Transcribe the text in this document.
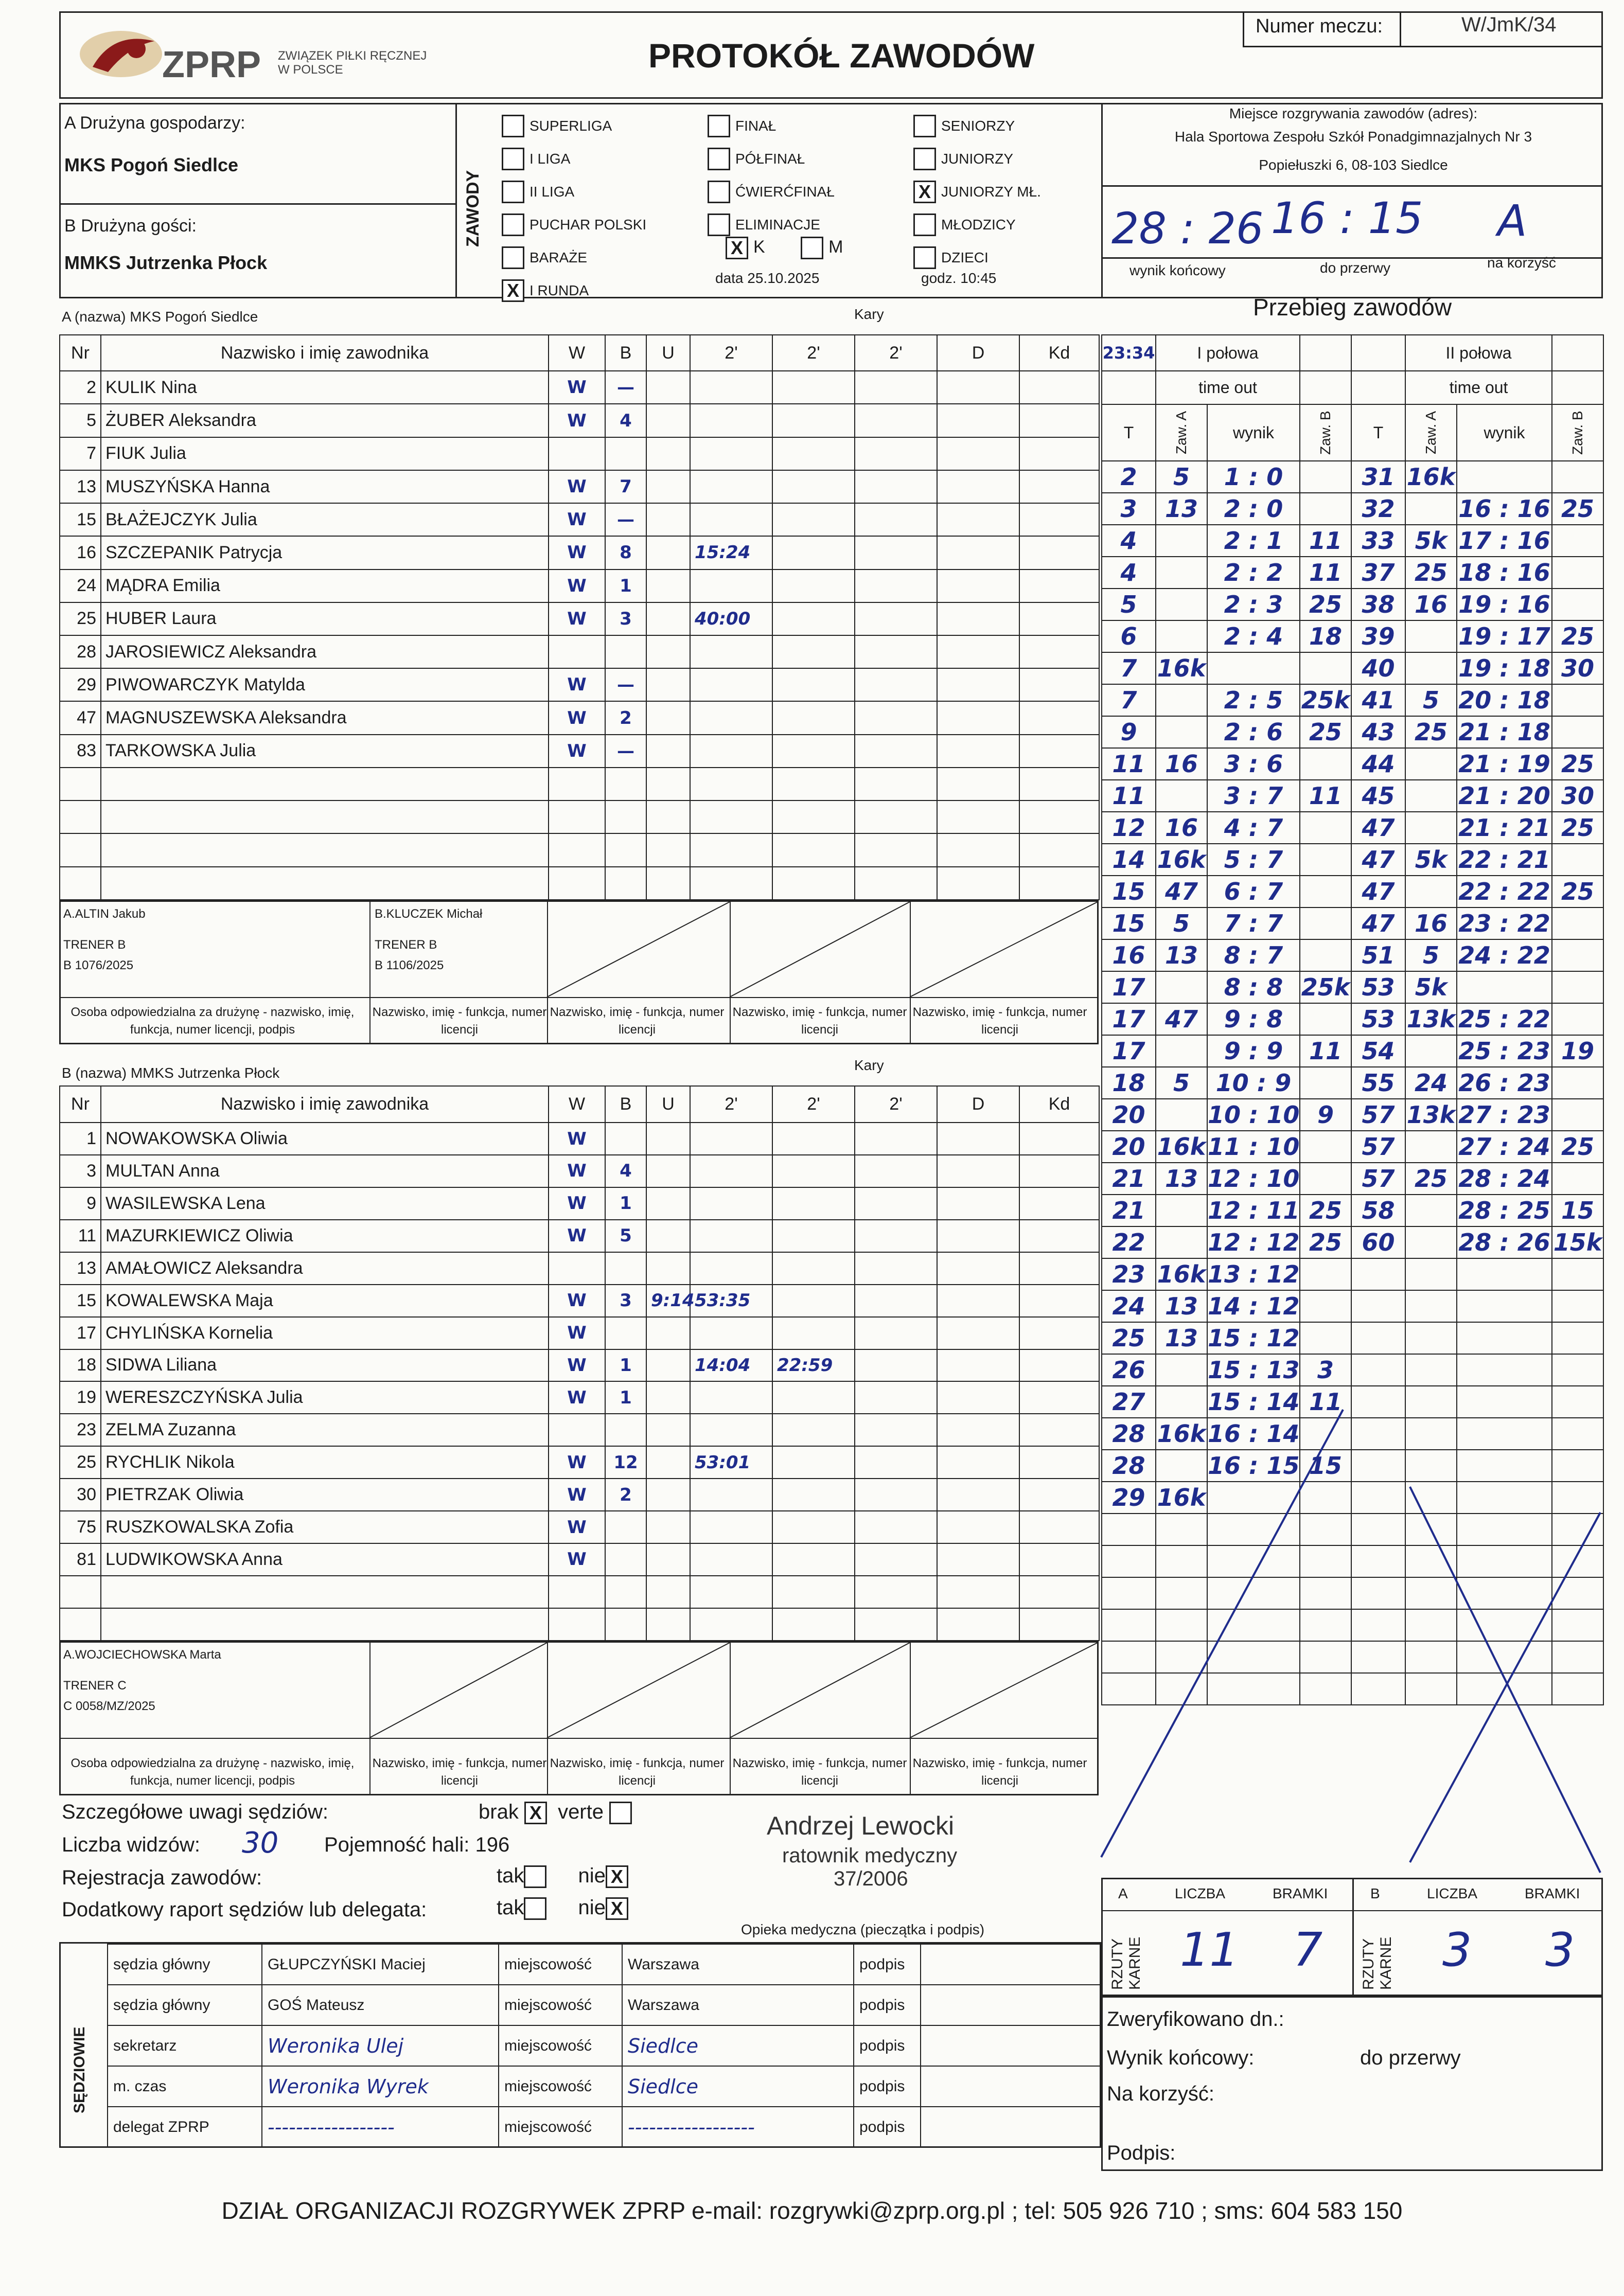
ZPRP ZWIĄZEK PIŁKI RĘCZNEJ
W POLSCE	PROTOKÓŁ ZAWODÓW
Numer meczu:	W/JmK/34
A Drużyna gospodarzy:
MKS Pogoń Siedlce
B Drużyna gości:
MMKS Jutrzenka Płock
ZAWODY
SUPERLIGA
I LIGA
II LIGA
PUCHAR POLSKI
BARAŻE
X I RUNDA
FINAŁ
PÓŁFINAŁ
ĆWIERĆFINAŁ
ELIMINACJE
SENIORZY
JUNIORZY
X JUNIORZY MŁ.
MŁODZICY
DZIECI
X K	M
data 25.10.2025	godz. 10:45
Miejsce rozgrywania zawodów (adres):
Hala Sportowa Zespołu Szkół Ponadgimnazjalnych Nr 3
Popiełuszki 6, 08-103 Siedlce
28 : 26 16 : 15 A
wynik końcowy	do przerwy	na korzyść
Przebieg zawodów
A (nazwa) MKS Pogoń Siedlce	Kary
Nr	Nazwisko i imię zawodnika	W	B	U	2'	2'	2'	D	Kd
2	KULIK Nina	W	—						
5	ŻUBER Aleksandra	W	4						
7	FIUK Julia								
13	MUSZYŃSKA Hanna	W	7						
15	BŁAŻEJCZYK Julia	W	—						
16	SZCZEPANIK Patrycja	W	8		15:24				
24	MĄDRA Emilia	W	1						
25	HUBER Laura	W	3		40:00				
28	JAROSIEWICZ Aleksandra								
29	PIWOWARCZYK Matylda	W	—						
47	MAGNUSZEWSKA Aleksandra	W	2						
83	TARKOWSKA Julia	W	—						

Osoba odpowiedzialna za drużynę - nazwisko, imię, funkcja, numer licencji, podpis
A.ALTIN Jakub
TRENER B
B 1076/2025
B.KLUCZEK Michał
TRENER B
B 1106/2025
Nazwisko, imię - funkcja, numer licencji
Nazwisko, imię - funkcja, numer licencji
Nazwisko, imię - funkcja, numer licencji
Nazwisko, imię - funkcja, numer licencji
B (nazwa) MMKS Jutrzenka Płock	Kary
Nr	Nazwisko i imię zawodnika	W	B	U	2'	2'	2'	D	Kd
1	NOWAKOWSKA Oliwia	W							
3	MULTAN Anna	W	4						
9	WASILEWSKA Lena	W	1						
11	MAZURKIEWICZ Oliwia	W	5						
13	AMAŁOWICZ Aleksandra								
15	KOWALEWSKA Maja	W	3	9:14	53:35				
17	CHYLIŃSKA Kornelia	W							
18	SIDWA Liliana	W	1		14:04	22:59			
19	WERESZCZYŃSKA Julia	W	1						
23	ZELMA Zuzanna								
25	RYCHLIK Nikola	W	12		53:01				
30	PIETRZAK Oliwia	W	2						
75	RUSZKOWALSKA Zofia	W							
81	LUDWIKOWSKA Anna	W							

Osoba odpowiedzialna za drużynę - nazwisko, imię, funkcja, numer licencji, podpis
A.WOJCIECHOWSKA Marta
TRENER C
C 0058/MZ/2025
Nazwisko, imię - funkcja, numer licencji
Nazwisko, imię - funkcja, numer licencji
Nazwisko, imię - funkcja, numer licencji
Nazwisko, imię - funkcja, numer licencji
23:34	I połowa				II połowa		
	time out				time out		
T	Zaw. A	wynik	Zaw. B	T	Zaw. A	wynik	Zaw. B
2	5	1 : 0		31	16k		
3	13	2 : 0		32		16 : 16	25
4		2 : 1	11	33	5k	17 : 16	
4		2 : 2	11	37	25	18 : 16	
5		2 : 3	25	38	16	19 : 16	
6		2 : 4	18	39		19 : 17	25
7	16k			40		19 : 18	30
7		2 : 5	25k	41	5	20 : 18	
9		2 : 6	25	43	25	21 : 18	
11	16	3 : 6		44		21 : 19	25
11		3 : 7	11	45		21 : 20	30
12	16	4 : 7		47		21 : 21	25
14	16k	5 : 7		47	5k	22 : 21	
15	47	6 : 7		47		22 : 22	25
15	5	7 : 7		47	16	23 : 22	
16	13	8 : 7		51	5	24 : 22	
17		8 : 8	25k	53	5k		
17	47	9 : 8		53	13k	25 : 22	
17		9 : 9	11	54		25 : 23	19
18	5	10 : 9		55	24	26 : 23	
20		10 : 10	9	57	13k	27 : 23	
20	16k	11 : 10		57		27 : 24	25
21	13	12 : 10		57	25	28 : 24	
21		12 : 11	25	58		28 : 25	15
22		12 : 12	25	60		28 : 26	15k
23	16k	13 : 12					
24	13	14 : 12					
25	13	15 : 12					
26		15 : 13	3				
27		15 : 14	11				
28	16k	16 : 14					
28		16 : 15	15				
29	16k						

A	LICZBA	BRAMKI	B	LICZBA	BRAMKI
RZUTY KARNE	RZUTY KARNE
11 7	3 3
Szczegółowe uwagi sędziów:	brak X verte
Liczba widzów: 30 Pojemność hali: 196
Rejestracja zawodów:	tak	nie X
Dodatkowy raport sędziów lub delegata:	tak	nie X
Andrzej Lewocki
ratownik medyczny
37/2006
Opieka medyczna (pieczątka i podpis)
SĘDZIOWIE
sędzia główny	GŁUPCZYŃSKI Maciej	miejscowość	Warszawa	podpis	
sędzia główny	GOŚ Mateusz	miejscowość	Warszawa	podpis	
sekretarz	Weronika Ulej	miejscowość	Siedlce	podpis	
m. czas	Weronika Wyrek	miejscowość	Siedlce	podpis	
delegat ZPRP	------------------	miejscowość	------------------	podpis	
Zweryfikowano dn.:
Wynik końcowy:	do przerwy
Na korzyść:
Podpis:
DZIAŁ ORGANIZACJI ROZGRYWEK ZPRP e-mail: rozgrywki@zprp.org.pl ; tel: 505 926 710 ; sms: 604 583 150
